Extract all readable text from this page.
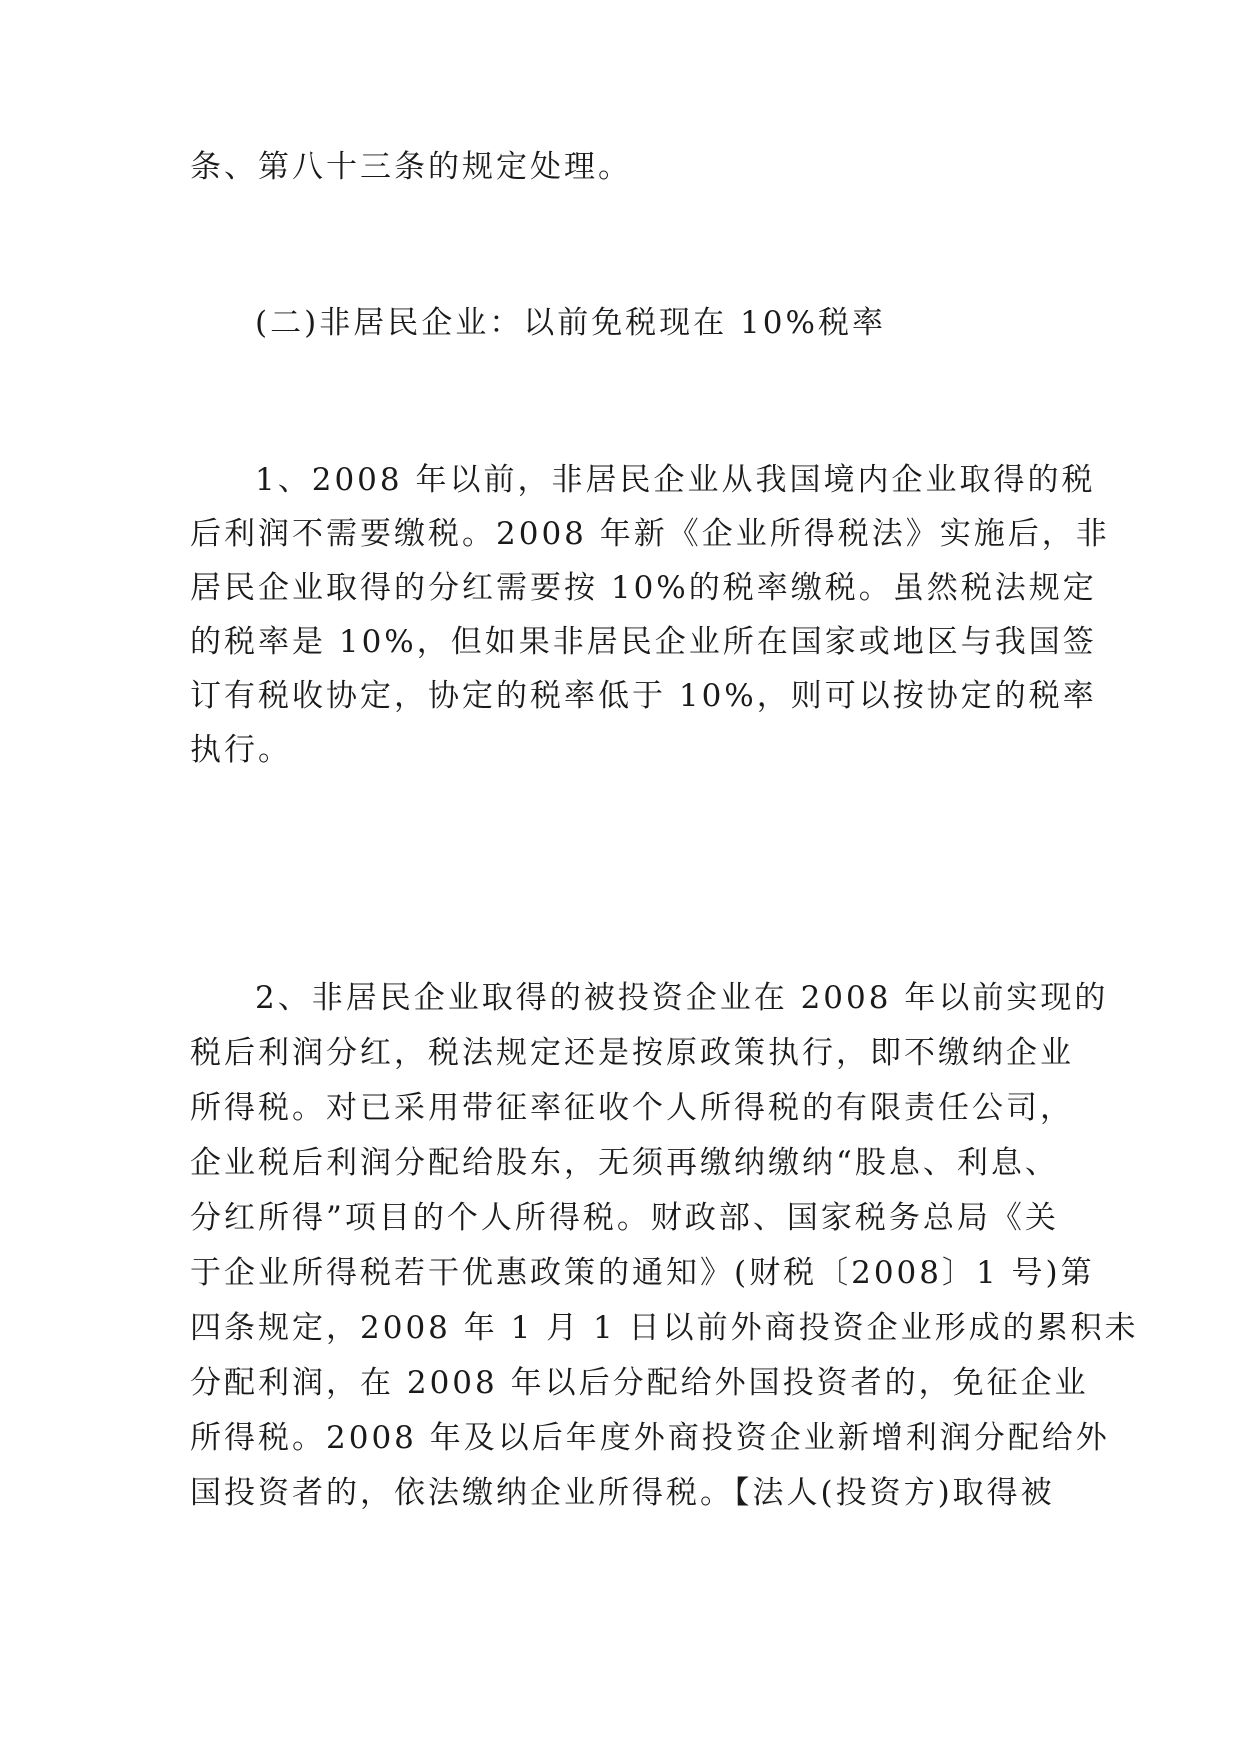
条、第八十三条的规定处理。
(二)非居民企业：以前免税现在 10%税率
1、2008 年以前，非居民企业从我国境内企业取得的税
后利润不需要缴税。2008 年新《企业所得税法》实施后，非
居民企业取得的分红需要按 10%的税率缴税。虽然税法规定
的税率是 10%，但如果非居民企业所在国家或地区与我国签
订有税收协定，协定的税率低于 10%，则可以按协定的税率
执行。
2、非居民企业取得的被投资企业在 2008 年以前实现的
税后利润分红，税法规定还是按原政策执行，即不缴纳企业
所得税。对已采用带征率征收个人所得税的有限责任公司，
企业税后利润分配给股东，无须再缴纳缴纳“股息、利息、
分红所得”项目的个人所得税。财政部、国家税务总局《关
于企业所得税若干优惠政策的通知》(财税〔2008〕1 号)第
四条规定，2008 年 1 月 1 日以前外商投资企业形成的累积未
分配利润，在 2008 年以后分配给外国投资者的，免征企业
所得税。2008 年及以后年度外商投资企业新增利润分配给外
国投资者的，依法缴纳企业所得税。【法人(投资方)取得被
